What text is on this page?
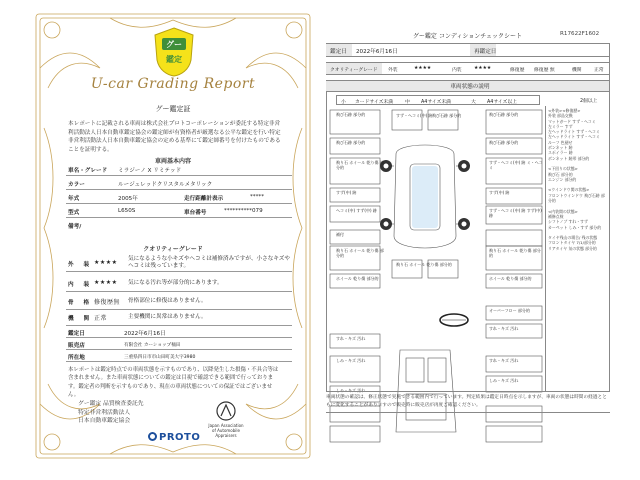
グー
鑑定
U-car Grading Report
グー鑑定証
本レポートに記載される車両は株式会社プロトコーポレーションが委託する特定非営利活動法人日本自動車鑑定協会の鑑定師が有資格者が厳選なる公平な鑑定を行い特定非営利活動法人日本自動車鑑定協会の定める基準にて鑑定師番号を付けたものであることを証明する。
車両基本内容
車名・グレード ミラジーノ X リミテッド
カラー	ルージュレッドクリスタルメタリック
年式	2005年	走行距離計表示	*****
型式	L650S	車台番号	**********079
備考/
クオリティーグレード
外 装 ★★★★ 気になるような小キズやヘコミは補修済みですが、小さなキズやヘコミは残っています。
内 装 ★★★★ 気になる汚れ等が部分的にあります。
骨 格 修復歴無 骨格部位に修復はありません。
機 関 正常	主要機関に異常はありません。
鑑定日	2022年6月16日
販売店	有限会社 カーショップ桶田
所在地	三重県四日市市山田町美大字3980
本レポートは鑑定時点での車両状態を示すものであり、以降発生した損傷・不具合等は含まれません。また車両状態についての鑑定は目視で確認できる範囲で行っております。鑑定者の判断を示すものであり、現在の車両状態についての保証ではございません。
グー鑑定 品質検査委託先
特定非営利活動法人
日本自動車鑑定協会
Japan Association of Automobile Appraisers
PROTO
グー鑑定 コンディションチェックシート	R17622F1602
鑑定日 2022年6月16日	再鑑定日
クオリティーグレード 外装	★★★★	内装	★★★★	修復歴 修復歴 無	機関	正常
車両状態の説明
小 カードサイズ未満	中 A4サイズ未満	大 A4サイズ以上	2個以上
飛び石跡 部分的
飛び石跡 部分的
飛り石 ホイール 乾り傷 部分的
すず(中) 跡
ヘコミ(中) すず(中) 跡
補付
飛り石 ホイール 乾り傷 部分的
ホイール 乾り傷 部分的
すず・ヘコミ(中) 跡 飛び石跡 部分的	飛び石跡 部分的
飛び石跡 部分的
すず・ヘコミ(中) 跡 ミ・ヘコミ
すず(中) 跡
すず・ヘコミ(中) 跡 すず(中) 跡
飛り石 ホイール 乾り傷 部分的
ホイール 乾り傷 部分的
飛り石 ホイール 乾り傷 部分的
すれ・キズ 汚れ
オーバーフロー 部分的
すれ・キズ 汚れ
しみ・キズ 汚れ	すれ・キズ 汚れ
しみ・キズ 汚れ
<外装><修復歴>
外装 部品交換
マットガード すず・ヘコミ
左ミラー すず
左ヘッドライト すず・ヘコミ
左ヘッドライト すず・ヘコミ
ルーフ 色褪せ
ボンネット 跡
スポイラー 跡
ボンネット 跡形 部分的

<下回りの状態>
飛び石 部分的
エンジン 部分的

<ウインドウ関の状態>
フロントウインドウ 飛び石跡 部分的

<内装関の状態>
補修点検
シフトノブ すれ・すず
カーペット しみ・すず 部分的

タイヤ残山の場合/ 残の状態
フロントタイヤ 7/1/部分的
リアタイヤ 気の状態 部分的
車両状態の確認は、修正状態で実施できる範囲内で行っています。判定結果は鑑定日時点を示しますが、車両の状態は時間の経過とともに変化することがありますので販売時に販売店が再度ご確認ください。
